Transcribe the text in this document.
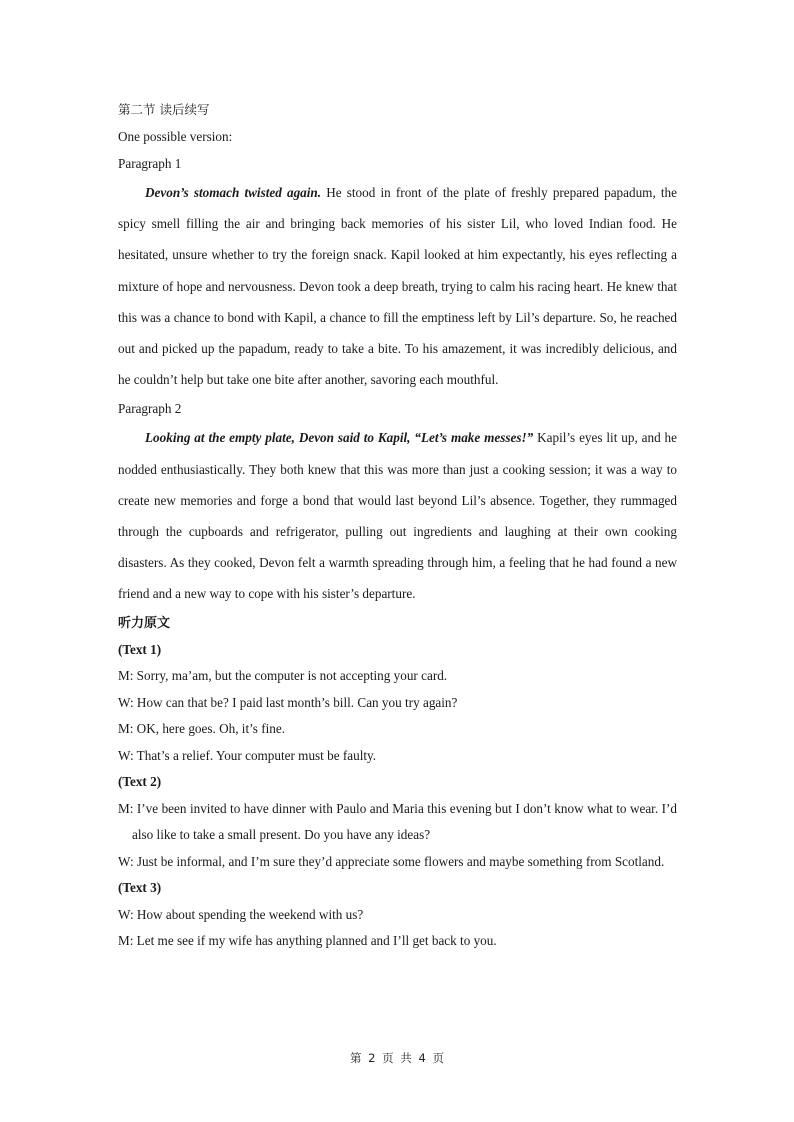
第二节 读后续写

One possible version:

Paragraph 1

Devon’s stomach twisted again. He stood in front of the plate of freshly prepared papadum, the spicy smell filling the air and bringing back memories of his sister Lil, who loved Indian food. He hesitated, unsure whether to try the foreign snack. Kapil looked at him expectantly, his eyes reflecting a mixture of hope and nervousness. Devon took a deep breath, trying to calm his racing heart. He knew that this was a chance to bond with Kapil, a chance to fill the emptiness left by Lil’s departure. So, he reached out and picked up the papadum, ready to take a bite. To his amazement, it was incredibly delicious, and he couldn’t help but take one bite after another, savoring each mouthful.

Paragraph 2

Looking at the empty plate, Devon said to Kapil, “Let’s make messes!” Kapil’s eyes lit up, and he nodded enthusiastically. They both knew that this was more than just a cooking session; it was a way to create new memories and forge a bond that would last beyond Lil’s absence. Together, they rummaged through the cupboards and refrigerator, pulling out ingredients and laughing at their own cooking disasters. As they cooked, Devon felt a warmth spreading through him, a feeling that he had found a new friend and a new way to cope with his sister’s departure.

听力原文

(Text 1)

M: Sorry, ma’am, but the computer is not accepting your card.

W: How can that be? I paid last month’s bill. Can you try again?

M: OK, here goes. Oh, it’s fine.

W: That’s a relief. Your computer must be faulty.

(Text 2)

M: I’ve been invited to have dinner with Paulo and Maria this evening but I don’t know what to wear. I’d also like to take a small present. Do you have any ideas?

W: Just be informal, and I’m sure they’d appreciate some flowers and maybe something from Scotland.

(Text 3)

W: How about spending the weekend with us?

M: Let me see if my wife has anything planned and I’ll get back to you.

第 2 页 共 4 页
